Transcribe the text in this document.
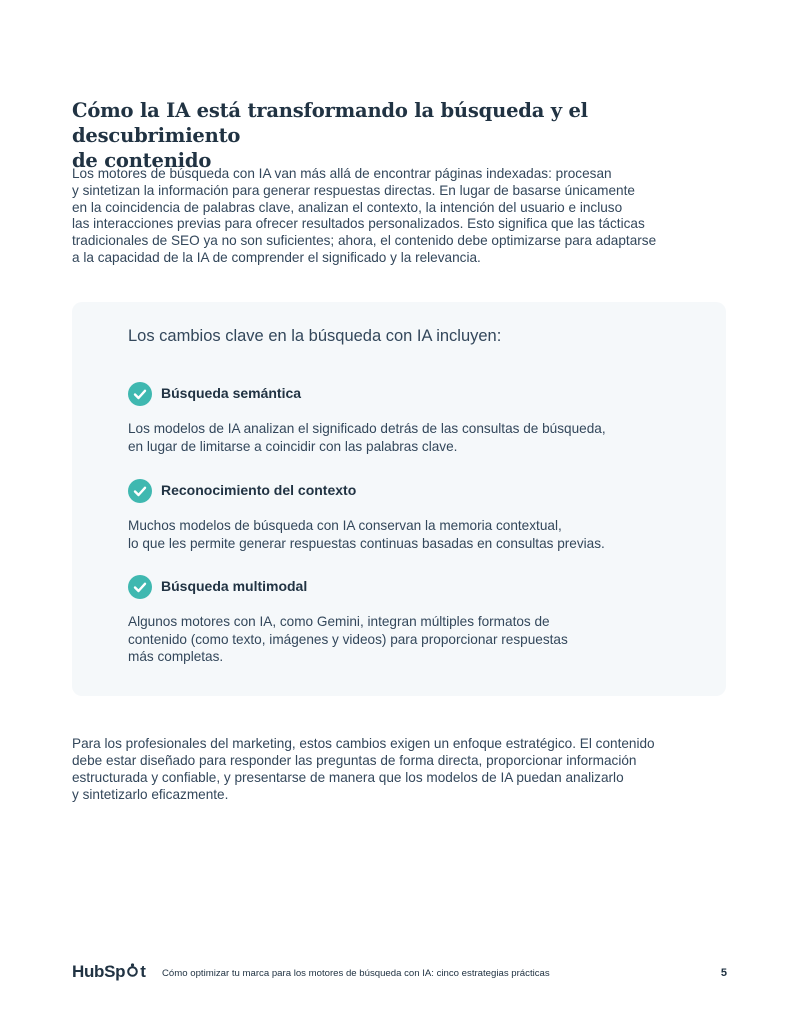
Cómo la IA está transformando la búsqueda y el descubrimiento
de contenido
Los motores de búsqueda con IA van más allá de encontrar páginas indexadas: procesan
y sintetizan la información para generar respuestas directas. En lugar de basarse únicamente
en la coincidencia de palabras clave, analizan el contexto, la intención del usuario e incluso
las interacciones previas para ofrecer resultados personalizados. Esto significa que las tácticas
tradicionales de SEO ya no son suficientes; ahora, el contenido debe optimizarse para adaptarse
a la capacidad de la IA de comprender el significado y la relevancia.
Los cambios clave en la búsqueda con IA incluyen:
Búsqueda semántica
Los modelos de IA analizan el significado detrás de las consultas de búsqueda,
en lugar de limitarse a coincidir con las palabras clave.
Reconocimiento del contexto
Muchos modelos de búsqueda con IA conservan la memoria contextual,
lo que les permite generar respuestas continuas basadas en consultas previas.
Búsqueda multimodal
Algunos motores con IA, como Gemini, integran múltiples formatos de
contenido (como texto, imágenes y videos) para proporcionar respuestas
más completas.
Para los profesionales del marketing, estos cambios exigen un enfoque estratégico. El contenido
debe estar diseñado para responder las preguntas de forma directa, proporcionar información
estructurada y confiable, y presentarse de manera que los modelos de IA puedan analizarlo
y sintetizarlo eficazmente.
HubSp t Cómo optimizar tu marca para los motores de búsqueda con IA: cinco estrategias prácticas	5
